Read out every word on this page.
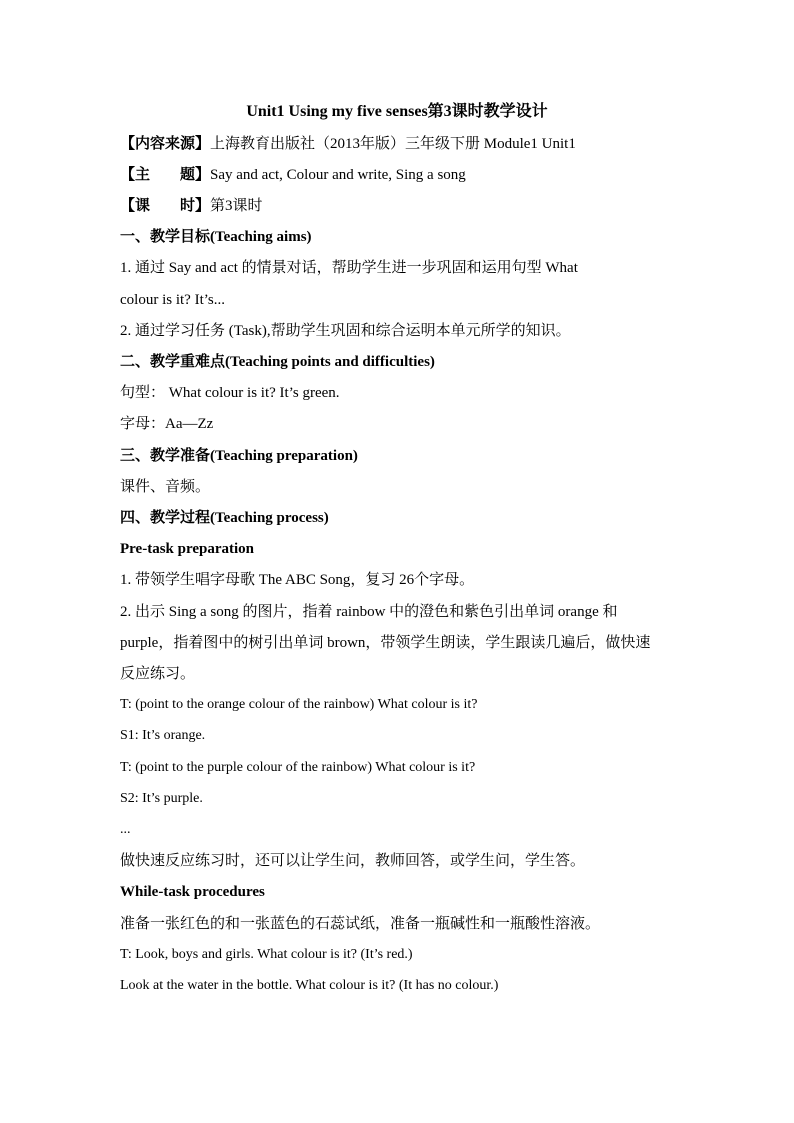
Unit1 Using my five senses第3课时教学设计
【内容来源】上海教育出版社（2013年版）三年级下册 Module1 Unit1
【主　　题】Say and act, Colour and write, Sing a song
【课　　时】第3课时
一、教学目标(Teaching aims)
1. 通过 Say and act 的情景对话，帮助学生进一步巩固和运用句型 What
colour is it? It’s...
2. 通过学习任务 (Task),帮助学生巩固和综合运明本单元所学的知识。
二、教学重难点(Teaching points and difficulties)
句型： What colour is it? It’s green.
字母：Aa—Zz
三、教学准备(Teaching preparation)
课件、音频。
四、教学过程(Teaching process)
Pre-task preparation
1. 带领学生唱字母歌 The ABC Song，复习 26个字母。
2. 出示 Sing a song 的图片，指着 rainbow 中的澄色和紫色引出单词 orange 和
purple，指着图中的树引出单词 brown，带领学生朗读，学生跟读几遍后，做快速
反应练习。
T: (point to the orange colour of the rainbow) What colour is it?
S1: It’s orange.
T: (point to the purple colour of the rainbow) What colour is it?
S2: It’s purple.
...
做快速反应练习时，还可以让学生问，教师回答，或学生问，学生答。
While-task procedures
准备一张红色的和一张蓝色的石蕊试纸，准备一瓶碱性和一瓶酸性溶液。
T: Look, boys and girls. What colour is it? (It’s red.)
Look at the water in the bottle. What colour is it? (It has no colour.)
